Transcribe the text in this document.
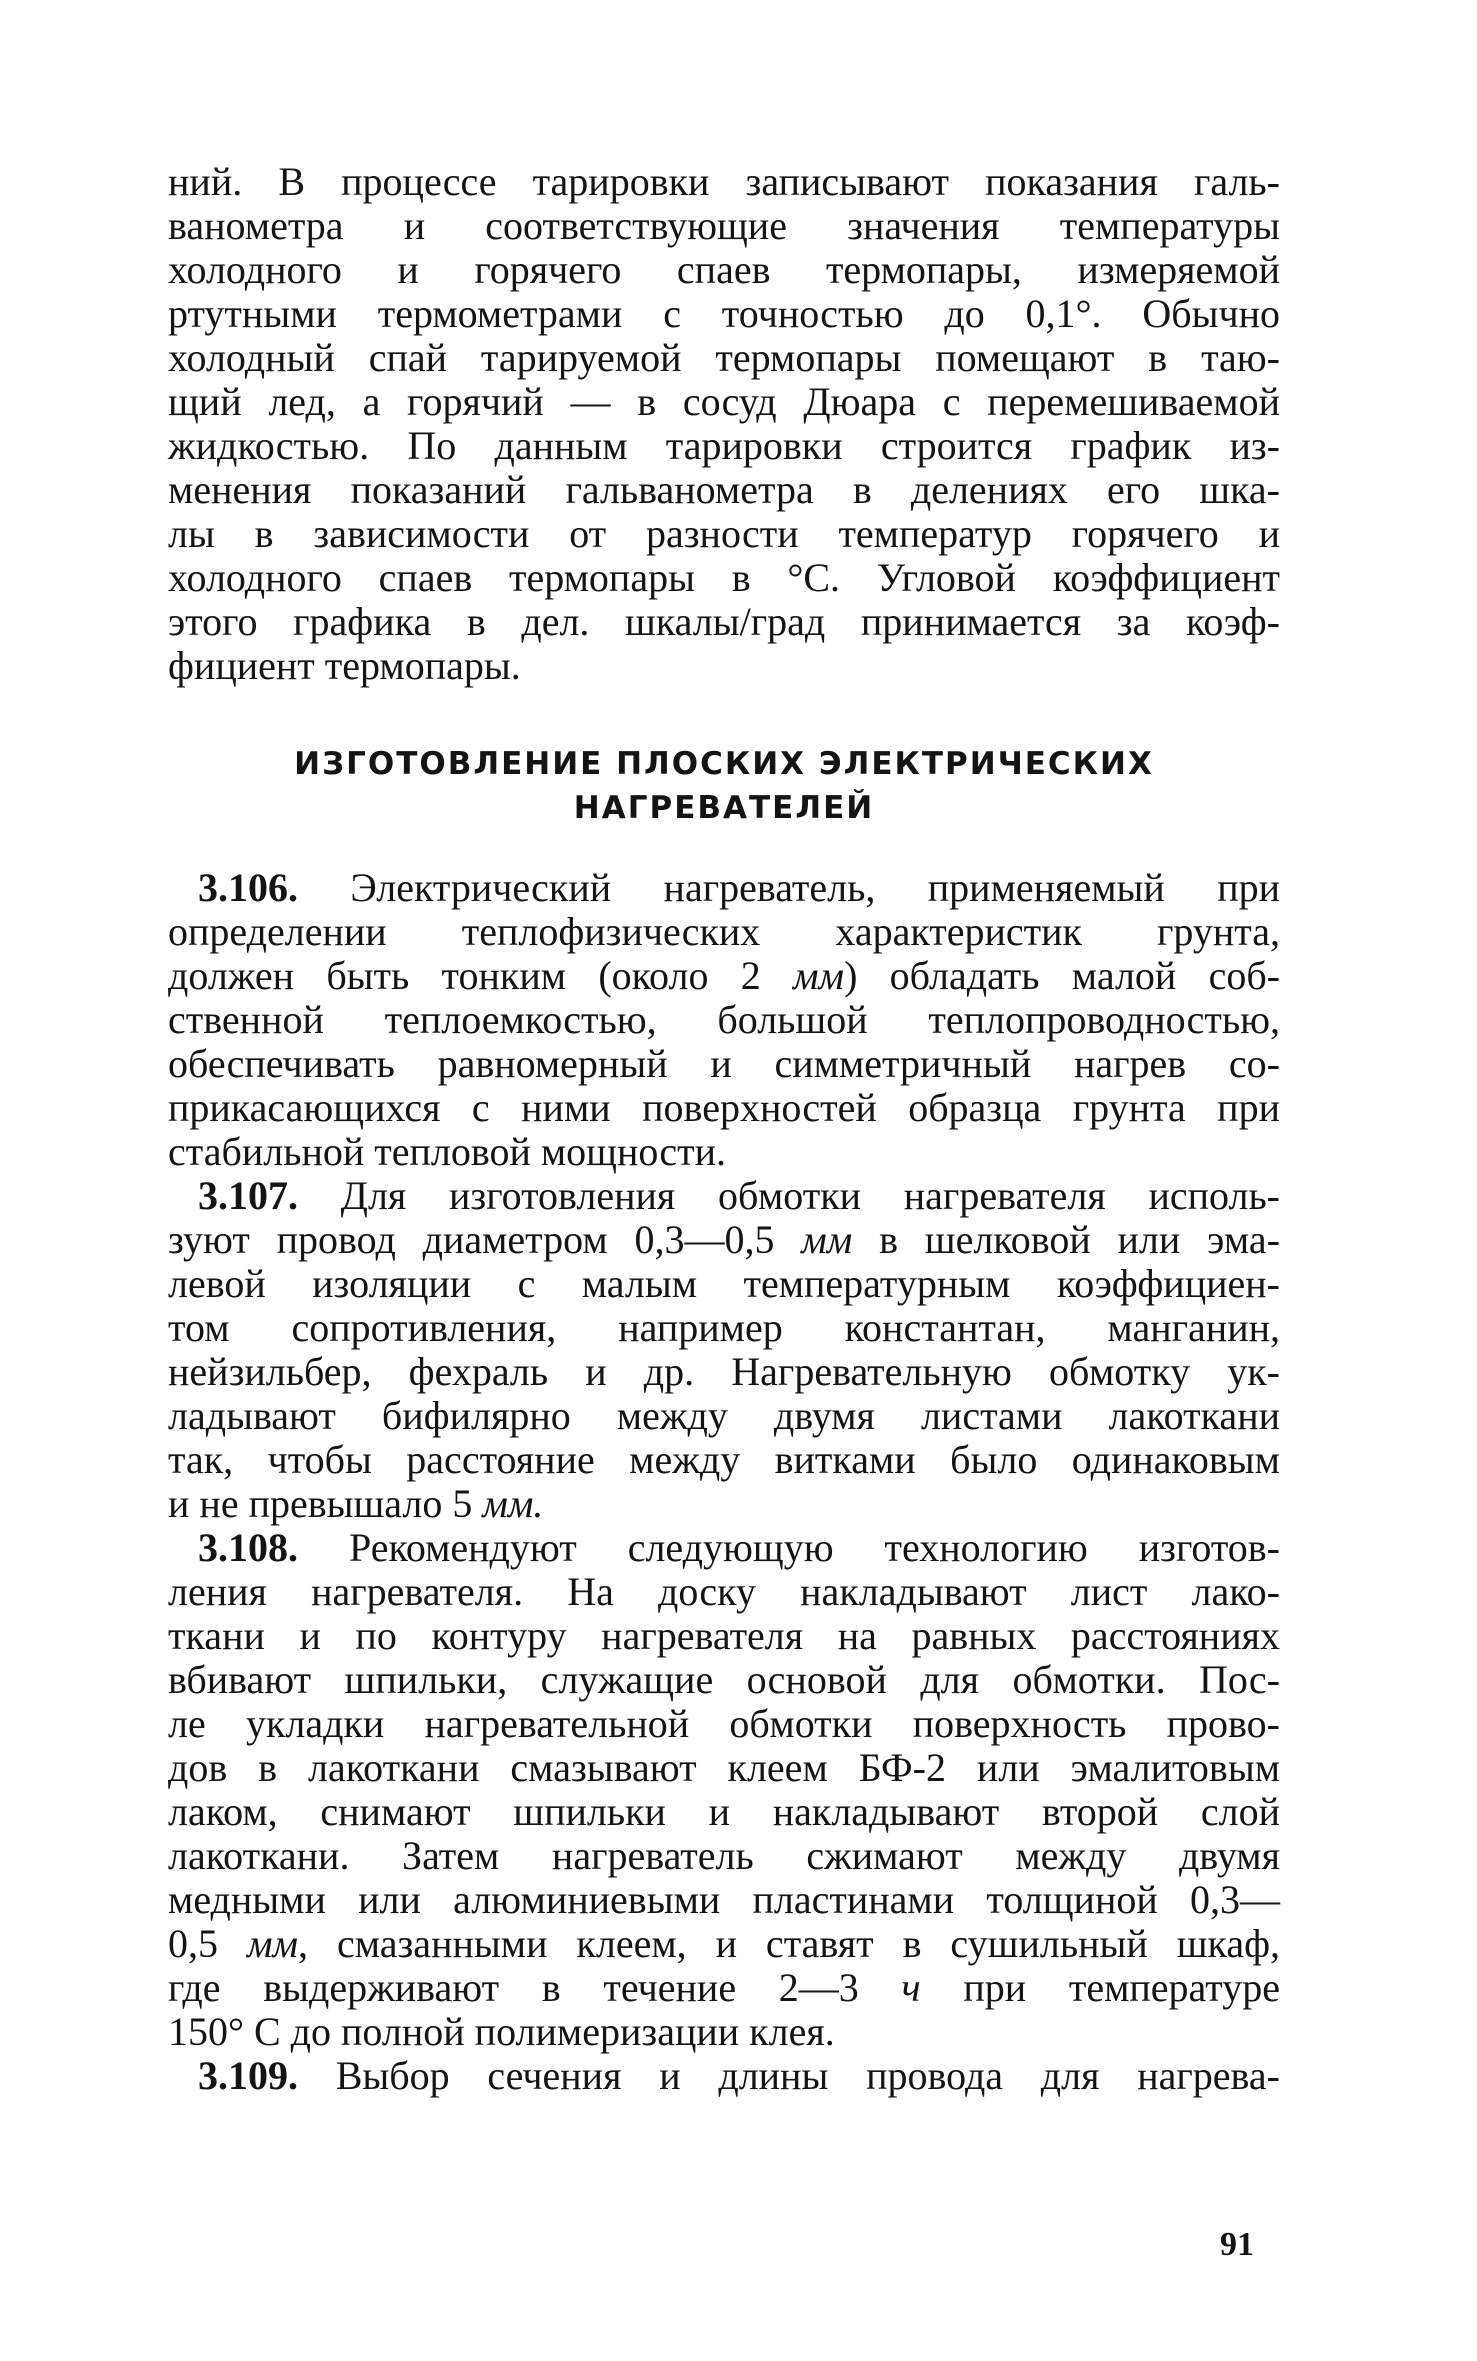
ний. В процессе тарировки записывают показания галь-
ванометра и соответствующие значения температуры
холодного и горячего спаев термопары, измеряемой
ртутными термометрами с точностью до 0,1°. Обычно
холодный спай тарируемой термопары помещают в таю-
щий лед, а горячий — в сосуд Дюара с перемешиваемой
жидкостью. По данным тарировки строится график из-
менения показаний гальванометра в делениях его шка-
лы в зависимости от разности температур горячего и
холодного спаев термопары в °С. Угловой коэффициент
этого графика в дел. шкалы/град принимается за коэф-
фициент термопары.
ИЗГОТОВЛЕНИЕ ПЛОСКИХ ЭЛЕКТРИЧЕСКИХ
НАГРЕВАТЕЛЕЙ
3.106. Электрический нагреватель, применяемый при
определении теплофизических характеристик грунта,
должен быть тонким (около 2 мм) обладать малой соб-
ственной теплоемкостью, большой теплопроводностью,
обеспечивать равномерный и симметричный нагрев со-
прикасающихся с ними поверхностей образца грунта при
стабильной тепловой мощности.
3.107. Для изготовления обмотки нагревателя исполь-
зуют провод диаметром 0,3—0,5 мм в шелковой или эма-
левой изоляции с малым температурным коэффициен-
том сопротивления, например константан, манганин,
нейзильбер, фехраль и др. Нагревательную обмотку ук-
ладывают бифилярно между двумя листами лакоткани
так, чтобы расстояние между витками было одинаковым
и не превышало 5 мм.
3.108. Рекомендуют следующую технологию изготов-
ления нагревателя. На доску накладывают лист лако-
ткани и по контуру нагревателя на равных расстояниях
вбивают шпильки, служащие основой для обмотки. Пос-
ле укладки нагревательной обмотки поверхность прово-
дов в лакоткани смазывают клеем БФ-2 или эмалитовым
лаком, снимают шпильки и накладывают второй слой
лакоткани. Затем нагреватель сжимают между двумя
медными или алюминиевыми пластинами толщиной 0,3—
0,5 мм, смазанными клеем, и ставят в сушильный шкаф,
где выдерживают в течение 2—3 ч при температуре
150° С до полной полимеризации клея.
3.109. Выбор сечения и длины провода для нагрева-
91
